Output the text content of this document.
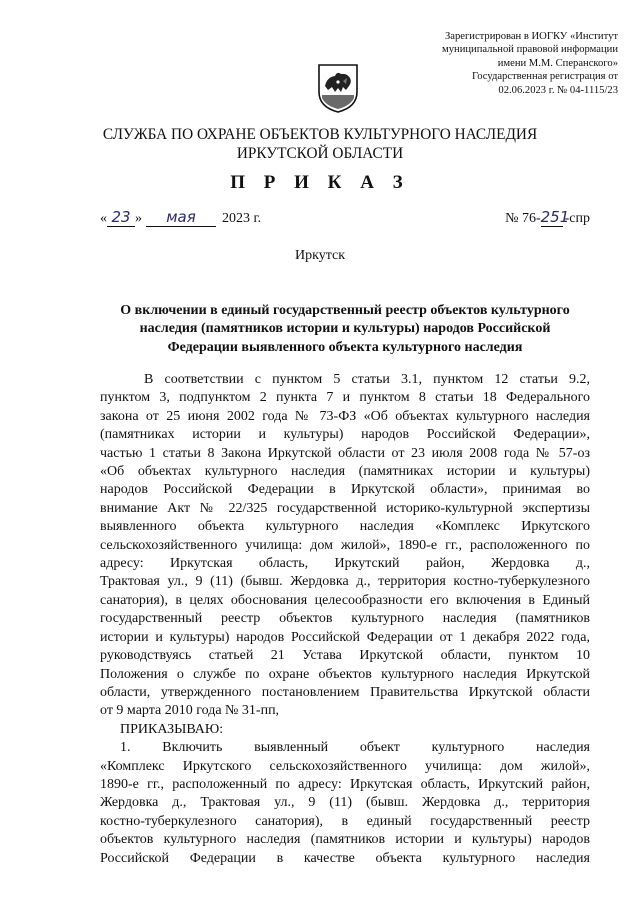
Зарегистрирован в ИОГКУ «Институт
муниципальной правовой информации
имени М.М. Сперанского»
Государственная регистрация от
02.06.2023 г. № 04-1115/23
СЛУЖБА ПО ОХРАНЕ ОБЪЕКТОВ КУЛЬТУРНОГО НАСЛЕДИЯ
ИРКУТСКОЙ ОБЛАСТИ
П Р И К А З
« 23 » мая 2023 г.	№ 76-251-спр
Иркутск
О включении в единый государственный реестр объектов культурного
наследия (памятников истории и культуры) народов Российской
Федерации выявленного объекта культурного наследия
В соответствии с пунктом 5 статьи 3.1, пунктом 12 статьи 9.2,
пунктом 3, подпунктом 2 пункта 7 и пунктом 8 статьи 18 Федерального
закона от 25 июня 2002 года № 73-ФЗ «Об объектах культурного наследия
(памятниках истории и культуры) народов Российской Федерации»,
частью 1 статьи 8 Закона Иркутской области от 23 июля 2008 года № 57-оз
«Об объектах культурного наследия (памятниках истории и культуры)
народов Российской Федерации в Иркутской области», принимая во
внимание Акт № 22/325 государственной историко-культурной экспертизы
выявленного объекта культурного наследия «Комплекс Иркутского
сельскохозяйственного училища: дом жилой», 1890-е гг., расположенного по
адресу: Иркутская область, Иркутский район, Жердовка д.,
Трактовая ул., 9 (11) (бывш. Жердовка д., территория костно-туберкулезного
санатория), в целях обоснования целесообразности его включения в Единый
государственный реестр объектов культурного наследия (памятников
истории и культуры) народов Российской Федерации от 1 декабря 2022 года,
руководствуясь статьей 21 Устава Иркутской области, пунктом 10
Положения о службе по охране объектов культурного наследия Иркутской
области, утвержденного постановлением Правительства Иркутской области
от 9 марта 2010 года № 31-пп,
ПРИКАЗЫВАЮ:
1. Включить выявленный объект культурного наследия
«Комплекс Иркутского сельскохозяйственного училища: дом жилой»,
1890-е гг., расположенный по адресу: Иркутская область, Иркутский район,
Жердовка д., Трактовая ул., 9 (11) (бывш. Жердовка д., территория
костно-туберкулезного санатория), в единый государственный реестр
объектов культурного наследия (памятников истории и культуры) народов
Российской Федерации в качестве объекта культурного наследия
